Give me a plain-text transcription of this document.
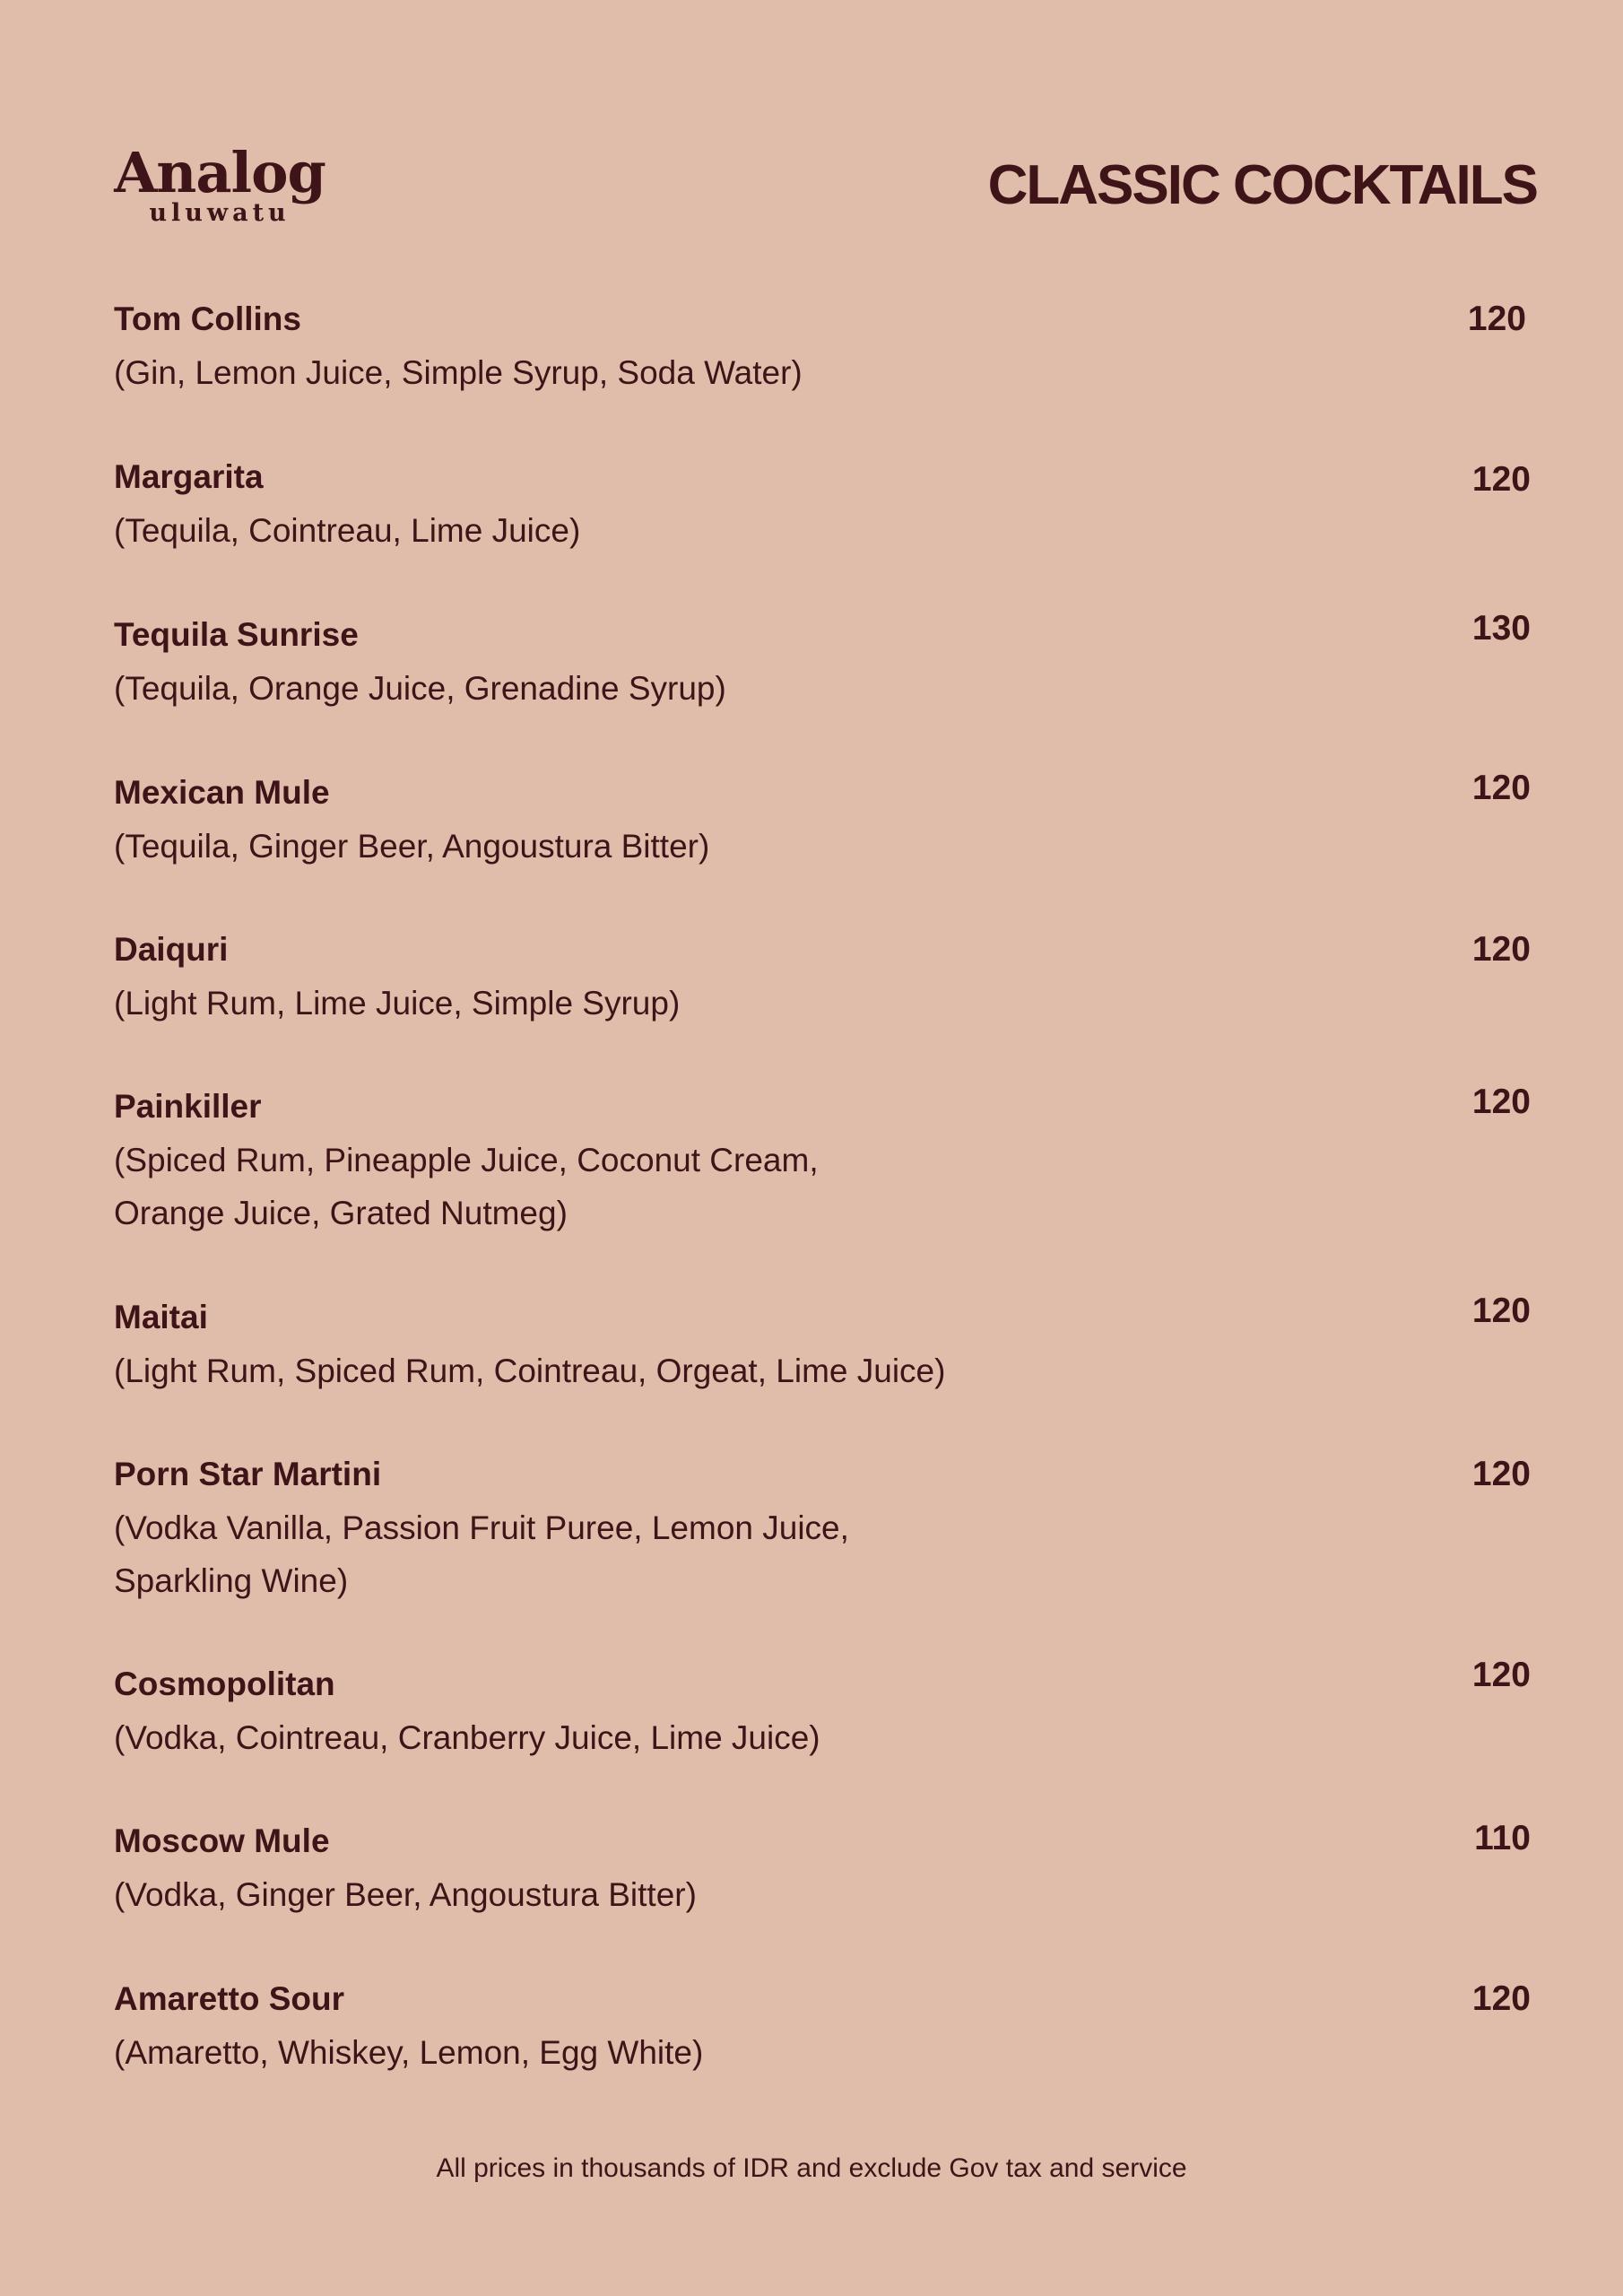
Analog
uluwatu	CLASSIC COCKTAILS
Tom Collins
(Gin, Lemon Juice, Simple Syrup, Soda Water)
120
Margarita
(Tequila, Cointreau, Lime Juice)
120
Tequila Sunrise
(Tequila, Orange Juice, Grenadine Syrup)
130
Mexican Mule
(Tequila, Ginger Beer, Angoustura Bitter)
120
Daiquri
(Light Rum, Lime Juice, Simple Syrup)
120
Painkiller
(Spiced Rum, Pineapple Juice, Coconut Cream,
Orange Juice, Grated Nutmeg)
120
Maitai
(Light Rum, Spiced Rum, Cointreau, Orgeat, Lime Juice)
120
Porn Star Martini
(Vodka Vanilla, Passion Fruit Puree, Lemon Juice,
Sparkling Wine)
120
Cosmopolitan
(Vodka, Cointreau, Cranberry Juice, Lime Juice)
120
Moscow Mule
(Vodka, Ginger Beer, Angoustura Bitter)
110
Amaretto Sour
(Amaretto, Whiskey, Lemon, Egg White)
120
All prices in thousands of IDR and exclude Gov tax and service
